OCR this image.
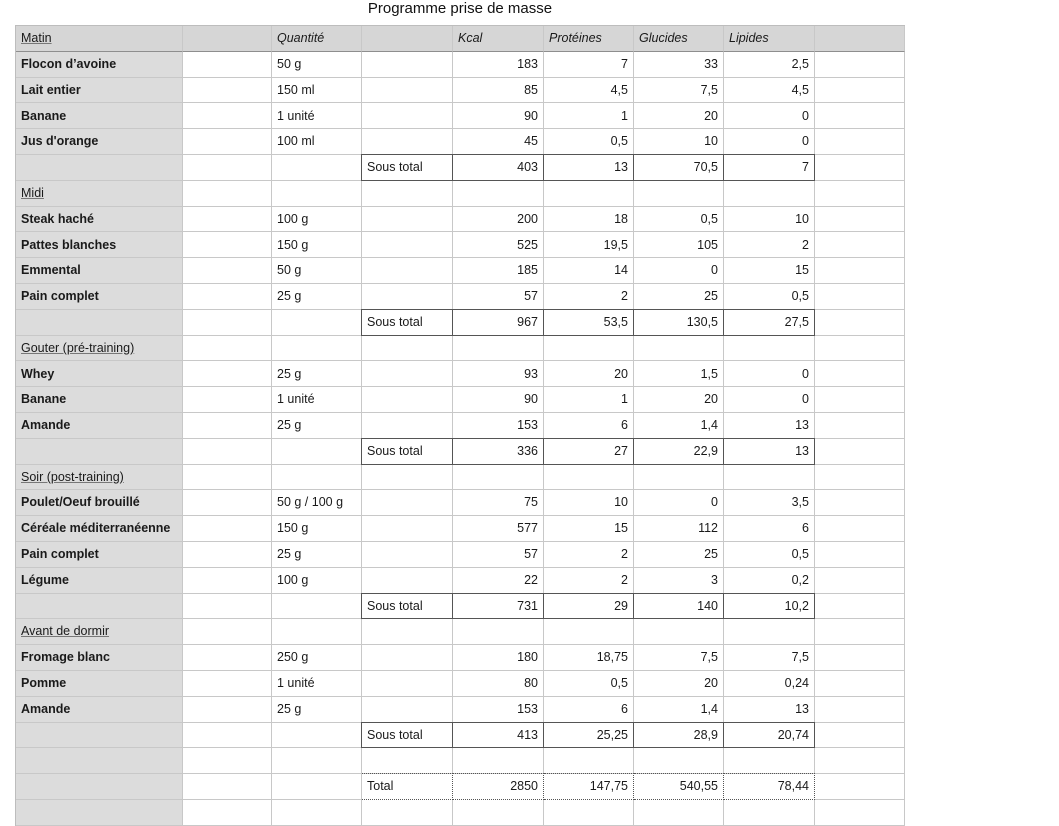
Programme prise de masse
Matin	Quantité	Kcal	Protéines	Glucides	Lipides
Flocon d’avoine	50 g	183	7	33	2,5
Lait entier	150 ml	85	4,5	7,5	4,5
Banane	1 unité	90	1	20	0
Jus d'orange	100 ml	45	0,5	10	0
Sous total	403	13	70,5	7
Midi
Steak haché	100 g	200	18	0,5	10
Pattes blanches	150 g	525	19,5	105	2
Emmental	50 g	185	14	0	15
Pain complet	25 g	57	2	25	0,5
Sous total	967	53,5	130,5	27,5
Gouter (pré-training)
Whey	25 g	93	20	1,5	0
Banane	1 unité	90	1	20	0
Amande	25 g	153	6	1,4	13
Sous total	336	27	22,9	13
Soir (post-training)
Poulet/Oeuf brouillé	50 g / 100 g	75	10	0	3,5
Céréale méditerranéenne	150 g	577	15	112	6
Pain complet	25 g	57	2	25	0,5
Légume	100 g	22	2	3	0,2
Sous total	731	29	140	10,2
Avant de dormir
Fromage blanc	250 g	180	18,75	7,5	7,5
Pomme	1 unité	80	0,5	20	0,24
Amande	25 g	153	6	1,4	13
Sous total	413	25,25	28,9	20,74
Total	2850	147,75	540,55	78,44
